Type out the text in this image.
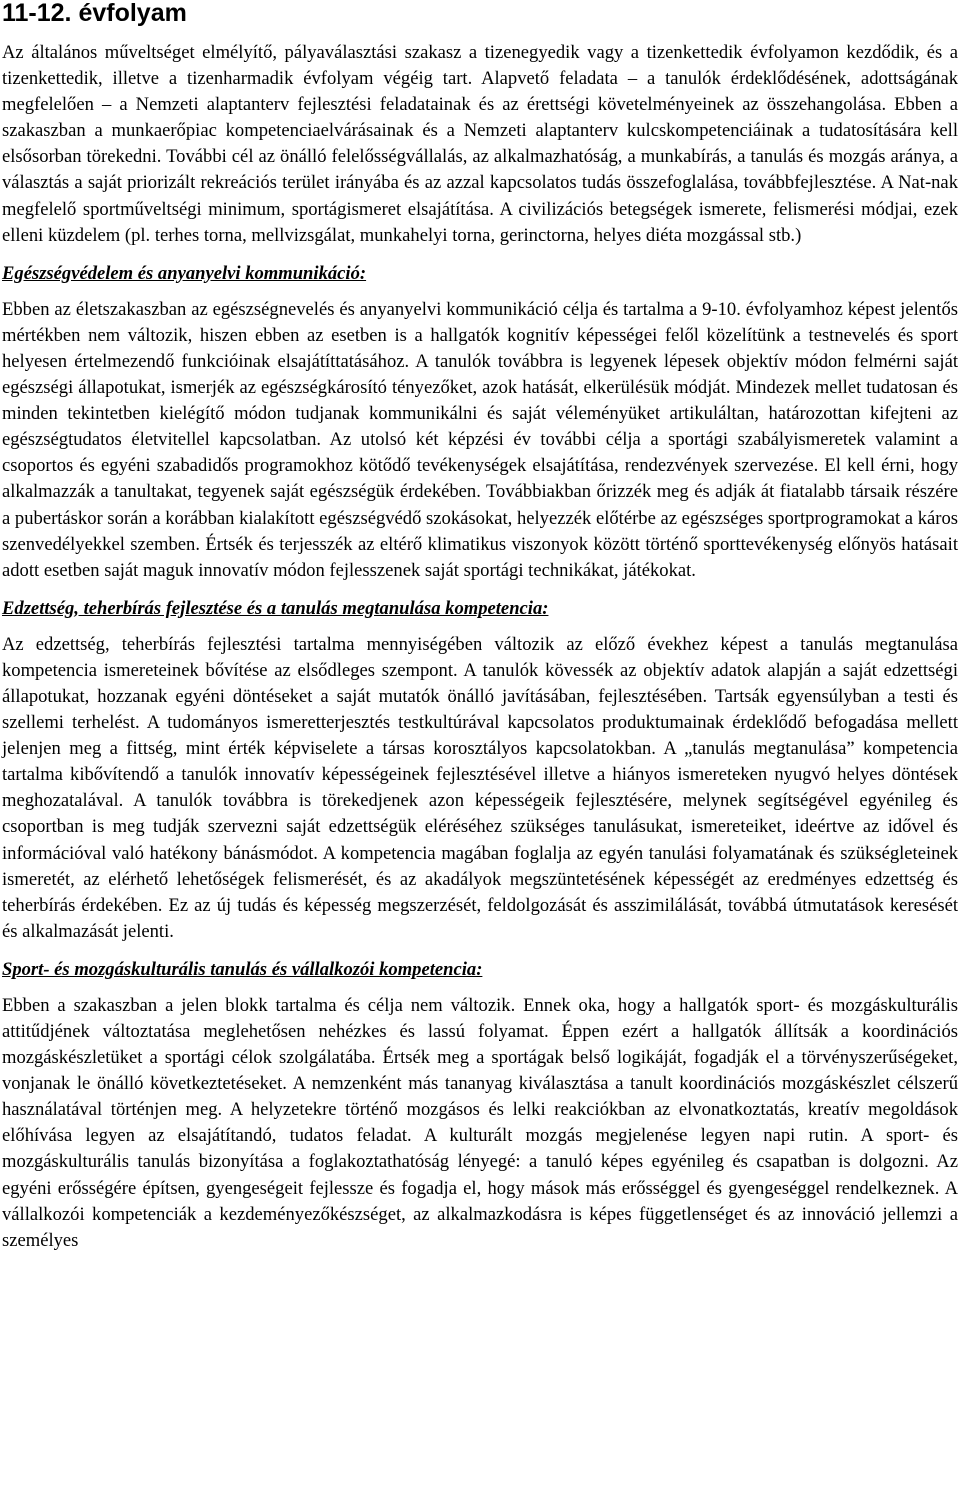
11-12. évfolyam

Az általános műveltséget elmélyítő, pályaválasztási szakasz a tizenegyedik vagy a tizenkettedik évfolyamon kezdődik, és a tizenkettedik, illetve a tizenharmadik évfolyam végéig tart. Alapvető feladata – a tanulók érdeklődésének, adottságának megfelelően – a Nemzeti alaptanterv fejlesztési feladatainak és az érettségi követelményeinek az összehangolása. Ebben a szakaszban a munkaerőpiac kompetenciaelvárásainak és a Nemzeti alaptanterv kulcskompetenciáinak a tudatosítására kell elsősorban törekedni. További cél az önálló felelősségvállalás, az alkalmazhatóság, a munkabírás, a tanulás és mozgás aránya, a választás a saját priorizált rekreációs terület irányába és az azzal kapcsolatos tudás összefoglalása, továbbfejlesztése. A Nat-nak megfelelő sportműveltségi minimum, sportágismeret elsajátítása. A civilizációs betegségek ismerete, felismerési módjai, ezek elleni küzdelem (pl. terhes torna, mellvizsgálat, munkahelyi torna, gerinctorna, helyes diéta mozgással stb.)

Egészségvédelem és anyanyelvi kommunikáció:

Ebben az életszakaszban az egészségnevelés és anyanyelvi kommunikáció célja és tartalma a 9-10. évfolyamhoz képest jelentős mértékben nem változik, hiszen ebben az esetben is a hallgatók kognitív képességei felől közelítünk a testnevelés és sport helyesen értelmezendő funkcióinak elsajátíttatásához. A tanulók továbbra is legyenek lépesek objektív módon felmérni saját egészségi állapotukat, ismerjék az egészségkárosító tényezőket, azok hatását, elkerülésük módját. Mindezek mellet tudatosan és minden tekintetben kielégítő módon tudjanak kommunikálni és saját véleményüket artikuláltan, határozottan kifejteni az egészségtudatos életvitellel kapcsolatban. Az utolsó két képzési év további célja a sportági szabályismeretek valamint a csoportos és egyéni szabadidős programokhoz kötődő tevékenységek elsajátítása, rendezvények szervezése. El kell érni, hogy alkalmazzák a tanultakat, tegyenek saját egészségük érdekében. Továbbiakban őrizzék meg és adják át fiatalabb társaik részére a pubertáskor során a korábban kialakított egészségvédő szokásokat, helyezzék előtérbe az egészséges sportprogramokat a káros szenvedélyekkel szemben. Értsék és terjesszék az eltérő klimatikus viszonyok között történő sporttevékenység előnyös hatásait adott esetben saját maguk innovatív módon fejlesszenek saját sportági technikákat, játékokat.

Edzettség, teherbírás fejlesztése és a tanulás megtanulása kompetencia:

Az edzettség, teherbírás fejlesztési tartalma mennyiségében változik az előző évekhez képest a tanulás megtanulása kompetencia ismereteinek bővítése az elsődleges szempont. A tanulók kövessék az objektív adatok alapján a saját edzettségi állapotukat, hozzanak egyéni döntéseket a saját mutatók önálló javításában, fejlesztésében. Tartsák egyensúlyban a testi és szellemi terhelést. A tudományos ismeretterjesztés testkultúrával kapcsolatos produktumainak érdeklődő befogadása mellett jelenjen meg a fittség, mint érték képviselete a társas korosztályos kapcsolatokban. A „tanulás megtanulása” kompetencia tartalma kibővítendő a tanulók innovatív képességeinek fejlesztésével illetve a hiányos ismereteken nyugvó helyes döntések meghozatalával. A tanulók továbbra is törekedjenek azon képességeik fejlesztésére, melynek segítségével egyénileg és csoportban is meg tudják szervezni saját edzettségük eléréséhez szükséges tanulásukat, ismereteiket, ideértve az idővel és információval való hatékony bánásmódot. A kompetencia magában foglalja az egyén tanulási folyamatának és szükségleteinek ismeretét, az elérhető lehetőségek felismerését, és az akadályok megszüntetésének képességét az eredményes edzettség és teherbírás érdekében. Ez az új tudás és képesség megszerzését, feldolgozását és asszimilálását, továbbá útmutatások keresését és alkalmazását jelenti.

Sport- és mozgáskulturális tanulás és vállalkozói kompetencia:

Ebben a szakaszban a jelen blokk tartalma és célja nem változik. Ennek oka, hogy a hallgatók sport- és mozgáskulturális attitűdjének változtatása meglehetősen nehézkes és lassú folyamat. Éppen ezért a hallgatók állítsák a koordinációs mozgáskészletüket a sportági célok szolgálatába. Értsék meg a sportágak belső logikáját, fogadják el a törvényszerűségeket, vonjanak le önálló következtetéseket. A nemzenként más tananyag kiválasztása a tanult koordinációs mozgáskészlet célszerű használatával történjen meg. A helyzetekre történő mozgásos és lelki reakciókban az elvonatkoztatás, kreatív megoldások előhívása legyen az elsajátítandó, tudatos feladat. A kulturált mozgás megjelenése legyen napi rutin. A sport- és mozgáskulturális tanulás bizonyítása a foglakoztathatóság lényegé: a tanuló képes egyénileg és csapatban is dolgozni. Az egyéni erősségére építsen, gyengeségeit fejlessze és fogadja el, hogy mások más erősséggel és gyengeséggel rendelkeznek. A vállalkozói kompetenciák a kezdeményezőkészséget, az alkalmazkodásra is képes függetlenséget és az innováció jellemzi a személyes
